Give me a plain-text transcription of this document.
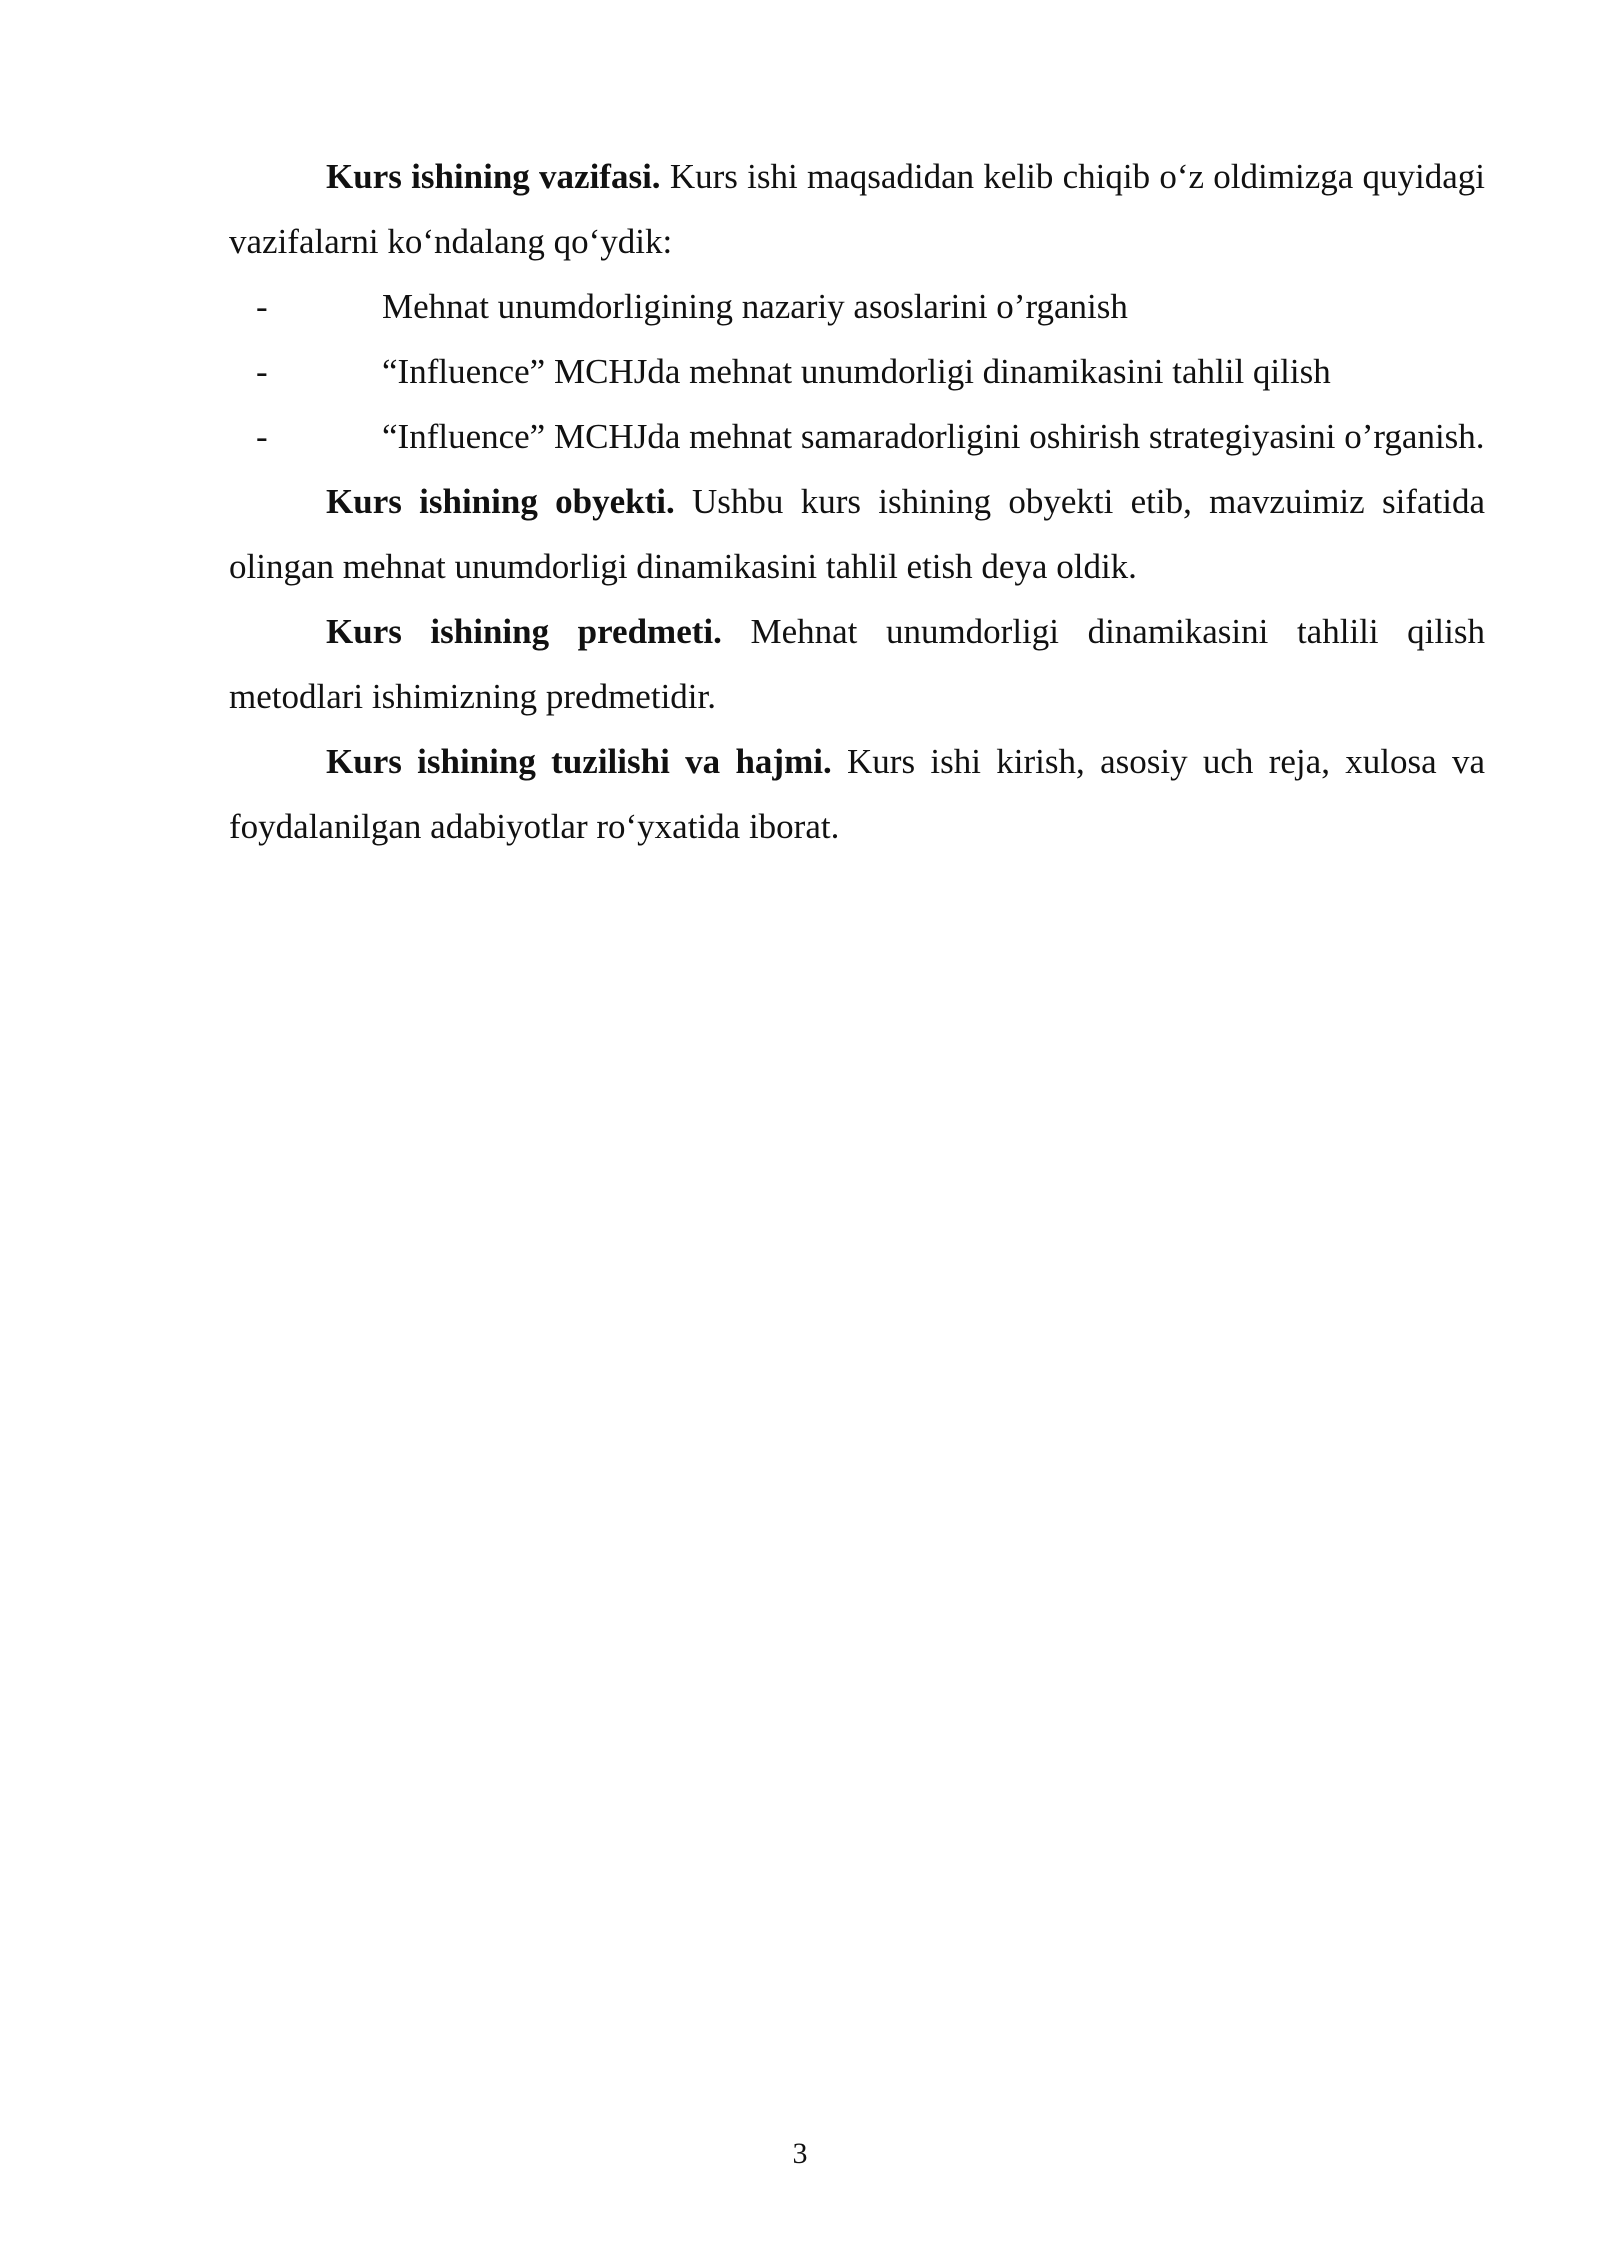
Kurs ishining vazifasi. Kurs ishi maqsadidan kelib chiqib o‘z oldimizga quyidagi vazifalarni ko‘ndalang qo‘ydik:

-	Mehnat unumdorligining nazariy asoslarini o’rganish
-	“Influence” MCHJda mehnat unumdorligi dinamikasini tahlil qilish
-	“Influence” MCHJda mehnat samaradorligini oshirish strategiyasini o’rganish.

Kurs ishining obyekti. Ushbu kurs ishining obyekti etib, mavzuimiz sifatida olingan mehnat unumdorligi dinamikasini tahlil etish deya oldik.

Kurs ishining predmeti. Mehnat unumdorligi dinamikasini tahlili qilish metodlari ishimizning predmetidir.

Kurs ishining tuzilishi va hajmi. Kurs ishi kirish, asosiy uch reja, xulosa va foydalanilgan adabiyotlar ro‘yxatida iborat.

3
